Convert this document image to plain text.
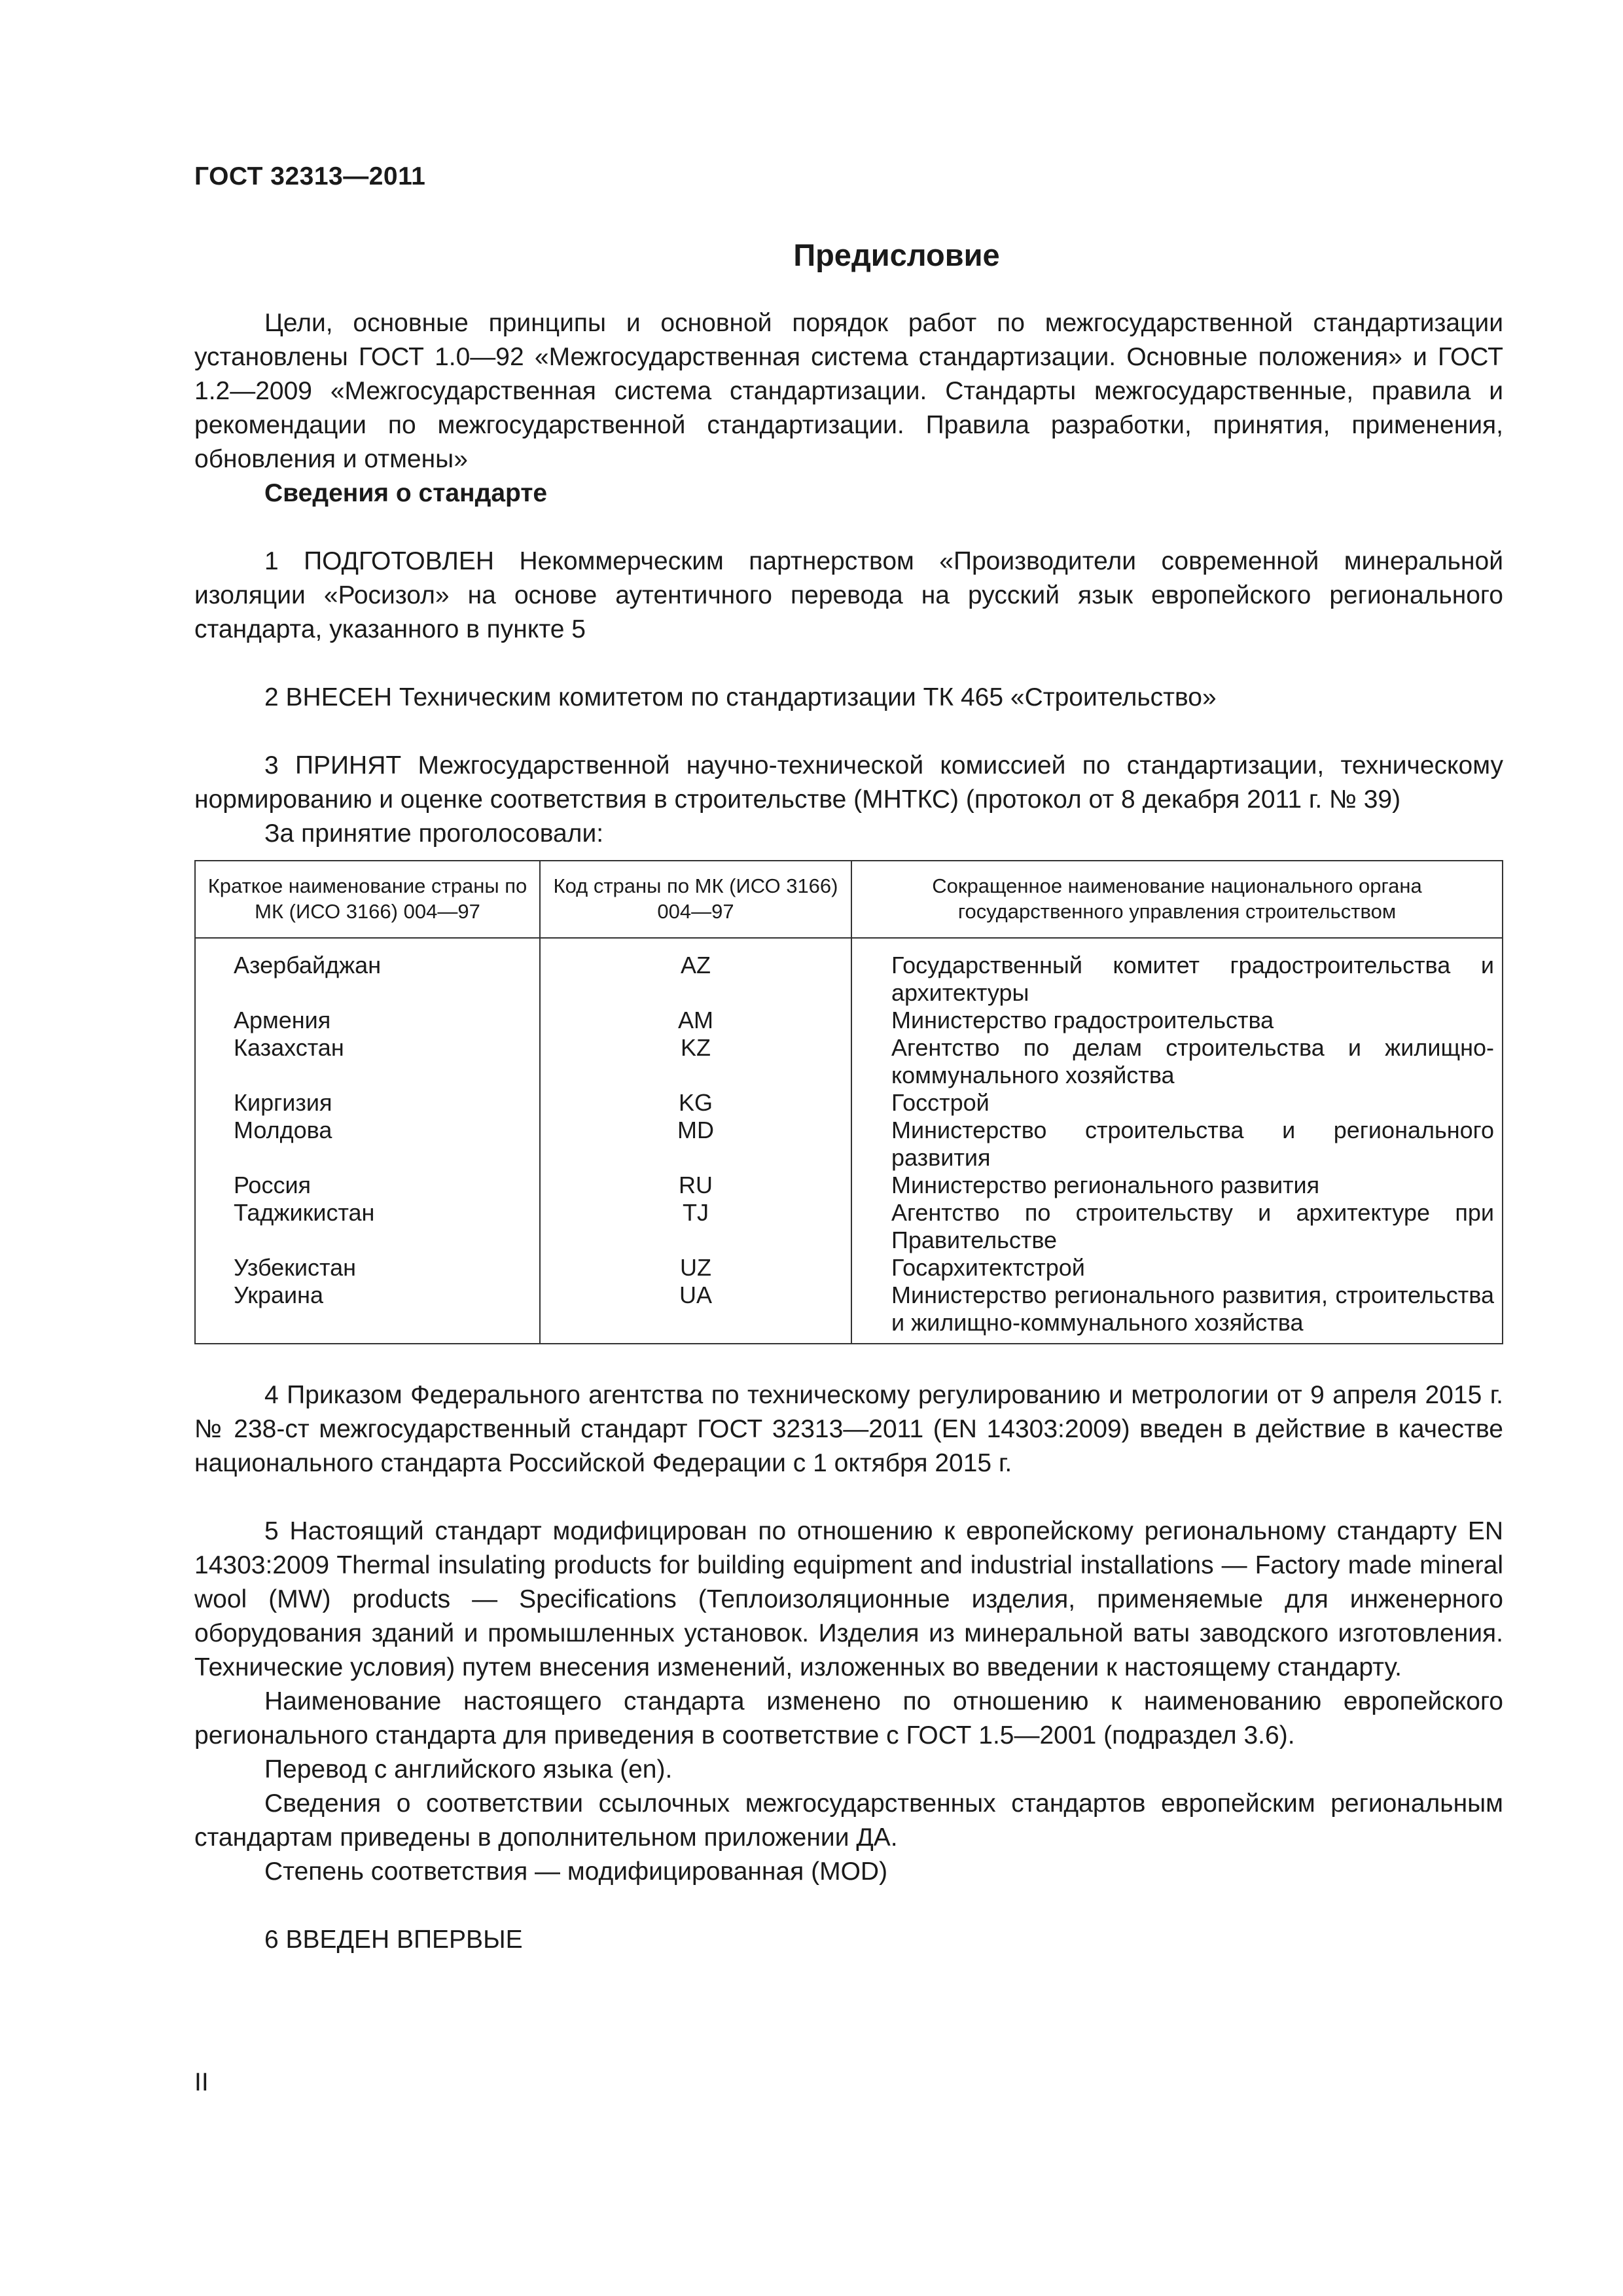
ГОСТ 32313—2011
Предисловие

Цели, основные принципы и основной порядок работ по межгосударственной стандартизации установлены ГОСТ 1.0—92 «Межгосударственная система стандартизации. Основные положения» и ГОСТ 1.2—2009 «Межгосударственная система стандартизации. Стандарты межгосударственные, правила и рекомендации по межгосударственной стандартизации. Правила разработки, принятия, применения, обновления и отмены»

Сведения о стандарте

1 ПОДГОТОВЛЕН Некоммерческим партнерством «Производители современной минеральной изоляции «Росизол» на основе аутентичного перевода на русский язык европейского регионального стандарта, указанного в пункте 5

2 ВНЕСЕН Техническим комитетом по стандартизации ТК 465 «Строительство»

3 ПРИНЯТ Межгосударственной научно-технической комиссией по стандартизации, техническому нормированию и оценке соответствия в строительстве (МНТКС) (протокол от 8 декабря 2011 г. № 39)

За принятие проголосовали:

Краткое наименование страны по МК (ИСО 3166) 004—97	Код страны по МК (ИСО 3166) 004—97	Сокращенное наименование национального органа государственного управления строительством
Азербайджан	AZ	Государственный комитет градостроительства и архитектуры
Армения	AM	Министерство градостроительства
Казахстан	KZ	Агентство по делам строительства и жилищно-коммунального хозяйства
Киргизия	KG	Госстрой
Молдова	MD	Министерство строительства и регионального развития
Россия	RU	Министерство регионального развития
Таджикистан	TJ	Агентство по строительству и архитектуре при Правительстве
Узбекистан	UZ	Госархитектстрой
Украина	UA	Министерство регионального развития, строительства и жилищно-коммунального хозяйства

4 Приказом Федерального агентства по техническому регулированию и метрологии от 9 апреля 2015 г. № 238-ст межгосударственный стандарт ГОСТ 32313—2011 (EN 14303:2009) введен в действие в качестве национального стандарта Российской Федерации с 1 октября 2015 г.

5 Настоящий стандарт модифицирован по отношению к европейскому региональному стандарту EN 14303:2009 Thermal insulating products for building equipment and industrial installations — Factory made mineral wool (MW) products — Specifications (Теплоизоляционные изделия, применяемые для инженерного оборудования зданий и промышленных установок. Изделия из минеральной ваты заводского изготовления. Технические условия) путем внесения изменений, изложенных во введении к настоящему стандарту.

Наименование настоящего стандарта изменено по отношению к наименованию европейского регионального стандарта для приведения в соответствие с ГОСТ 1.5—2001 (подраздел 3.6).

Перевод с английского языка (en).

Сведения о соответствии ссылочных межгосударственных стандартов европейским региональным стандартам приведены в дополнительном приложении ДА.

Степень соответствия — модифицированная (MOD)

6 ВВЕДЕН ВПЕРВЫЕ

II
